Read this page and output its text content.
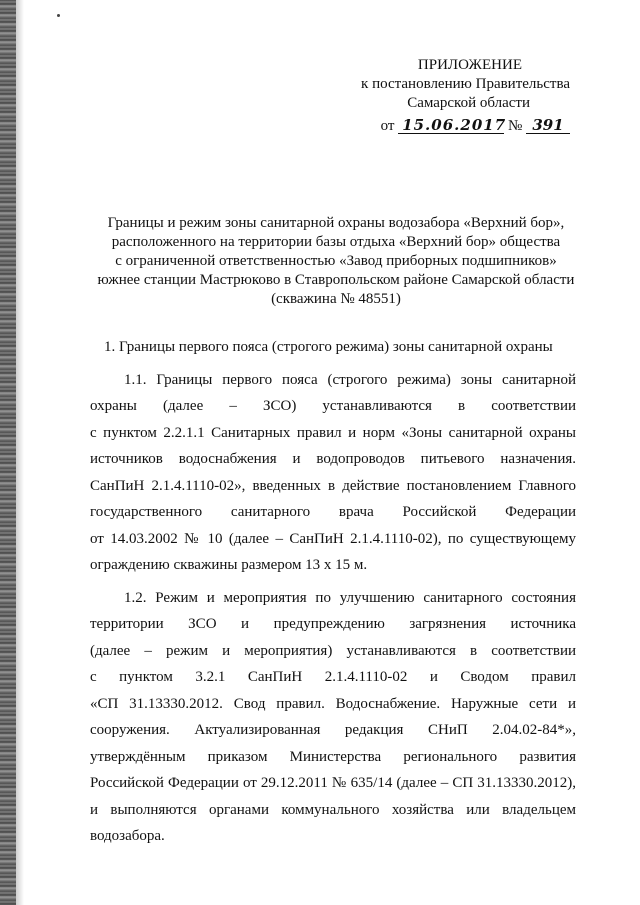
ПРИЛОЖЕНИЕ
к постановлению Правительства
Самарской области
от 15.06.2017 № 391
Границы и режим зоны санитарной охраны водозабора «Верхний бор»,
расположенного на территории базы отдыха «Верхний бор» общества
с ограниченной ответственностью «Завод приборных подшипников»
южнее станции Мастрюково в Ставропольском районе Самарской области
(скважина № 48551)
1. Границы первого пояса (строгого режима) зоны санитарной охраны
1.1. Границы первого пояса (строгого режима) зоны санитарной
охраны (далее – ЗСО) устанавливаются в соответствии
с пунктом 2.2.1.1 Санитарных правил и норм «Зоны санитарной охраны
источников водоснабжения и водопроводов питьевого назначения.
СанПиН 2.1.4.1110-02», введенных в действие постановлением Главного
государственного санитарного врача Российской Федерации
от 14.03.2002 № 10 (далее – СанПиН 2.1.4.1110-02), по существующему
ограждению скважины размером 13 х 15 м.
1.2. Режим и мероприятия по улучшению санитарного состояния
территории ЗСО и предупреждению загрязнения источника
(далее – режим и мероприятия) устанавливаются в соответствии
с пунктом 3.2.1 СанПиН 2.1.4.1110-02 и Сводом правил
«СП 31.13330.2012. Свод правил. Водоснабжение. Наружные сети и
сооружения. Актуализированная редакция СНиП 2.04.02-84*»,
утверждённым приказом Министерства регионального развития
Российской Федерации от 29.12.2011 № 635/14 (далее – СП 31.13330.2012),
и выполняются органами коммунального хозяйства или владельцем
водозабора.
